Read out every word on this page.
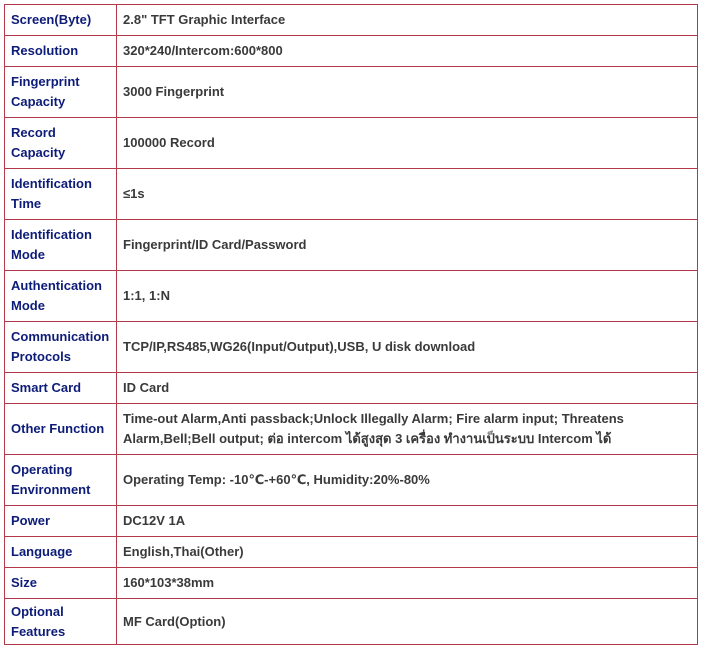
Screen(Byte)	2.8" TFT Graphic Interface
Resolution	320*240/Intercom:600*800
Fingerprint Capacity	3000 Fingerprint
Record Capacity	100000 Record
Identification Time	≤1s
Identification Mode	Fingerprint/ID Card/Password
Authentication Mode	1:1, 1:N
Communication Protocols	TCP/IP,RS485,WG26(Input/Output),USB, U disk download
Smart Card	ID Card
Other Function	Time-out Alarm,Anti passback;Unlock Illegally Alarm; Fire alarm input; Threatens Alarm,Bell;Bell output; ต่อ intercom ได้สูงสุด 3 เครื่อง ทำงานเป็นระบบ Intercom ได้
Operating Environment	Operating Temp: -10℃-+60℃, Humidity:20%-80%
Power	DC12V 1A
Language	English,Thai(Other)
Size	160*103*38mm
Optional Features	MF Card(Option)
